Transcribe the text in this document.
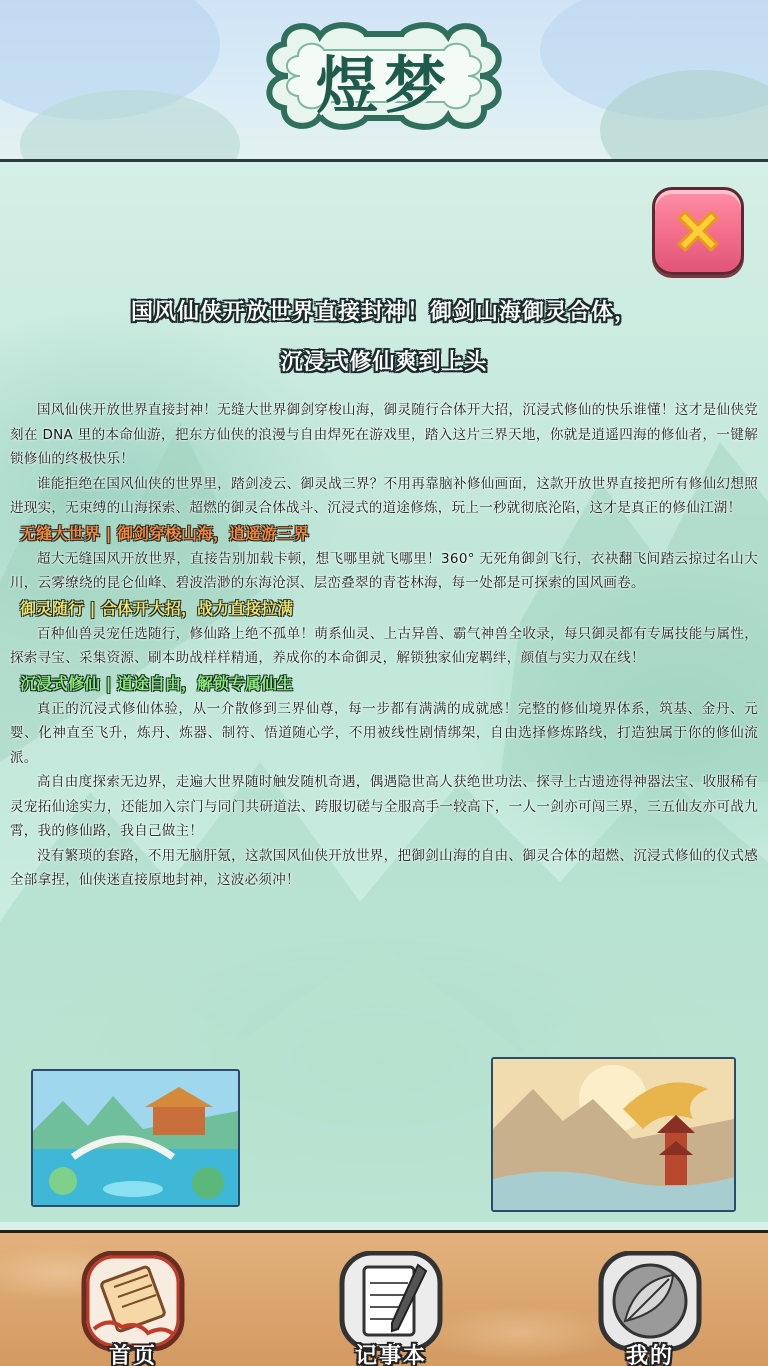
煜梦
国风仙侠开放世界直接封神！御剑山海御灵合体，
沉浸式修仙爽到上头

国风仙侠开放世界直接封神！无缝大世界御剑穿梭山海，御灵随行合体开大招，沉浸式修仙的快乐谁懂！这才是仙侠党刻在 DNA 里的本命仙游，把东方仙侠的浪漫与自由焊死在游戏里，踏入这片三界天地，你就是逍遥四海的修仙者，一键解锁修仙的终极快乐！

谁能拒绝在国风仙侠的世界里，踏剑凌云、御灵战三界？不用再靠脑补修仙画面，这款开放世界直接把所有修仙幻想照进现实，无束缚的山海探索、超燃的御灵合体战斗、沉浸式的道途修炼，玩上一秒就彻底沦陷，这才是真正的修仙江湖！

无缝大世界 | 御剑穿梭山海，逍遥游三界

超大无缝国风开放世界，直接告别加载卡顿，想飞哪里就飞哪里！360° 无死角御剑飞行，衣袂翻飞间踏云掠过名山大川，云雾缭绕的昆仑仙峰、碧波浩渺的东海沧溟、层峦叠翠的青苍林海，每一处都是可探索的国风画卷。

御灵随行 | 合体开大招，战力直接拉满

百种仙兽灵宠任选随行，修仙路上绝不孤单！萌系仙灵、上古异兽、霸气神兽全收录，每只御灵都有专属技能与属性，探索寻宝、采集资源、刷本助战样样精通，养成你的本命御灵，解锁独家仙宠羁绊，颜值与实力双在线！

沉浸式修仙 | 道途自由，解锁专属仙生

真正的沉浸式修仙体验，从一介散修到三界仙尊，每一步都有满满的成就感！完整的修仙境界体系，筑基、金丹、元婴、化神直至飞升，炼丹、炼器、制符、悟道随心学，不用被线性剧情绑架，自由选择修炼路线，打造独属于你的修仙流派。

高自由度探索无边界，走遍大世界随时触发随机奇遇，偶遇隐世高人获绝世功法、探寻上古遗迹得神器法宝、收服稀有灵宠拓仙途实力，还能加入宗门与同门共研道法、跨服切磋与全服高手一较高下，一人一剑亦可闯三界，三五仙友亦可战九霄，我的修仙路，我自己做主！

没有繁琐的套路，不用无脑肝氪，这款国风仙侠开放世界，把御剑山海的自由、御灵合体的超燃、沉浸式修仙的仪式感全部拿捏，仙侠迷直接原地封神，这波必须冲！

首页	记事本	我的
